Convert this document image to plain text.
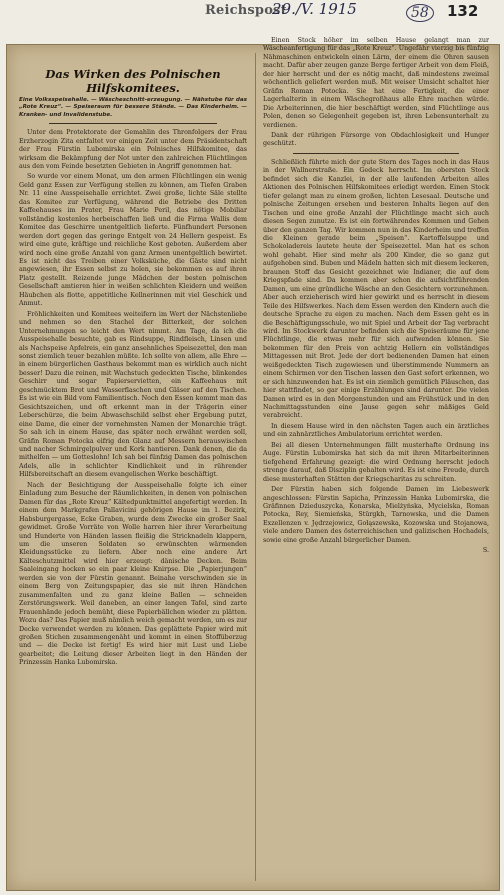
Reichspost
29./V. 1915	58	132

Das Wirken des Polnischen Hilfskomitees.

Eine Volksspeisehalle. — Wäscheschnitt-erzeugung. — Nähstube für das „Rote Kreuz“. — Speiseraum für bessere Stände. — Das Kinderheim. — Kranken- und Invalidenstube.

Unter dem Protektorate der Gemahlin des Thronfolgers der Frau Erzherzogin Zita entfaltet vor einigen Zeit unter dem Präsidentschaft der Frau Fürstin Lubomirska ein Polnisches Hilfskomitee, das wirksam die Bekämpfung der Not unter den zahlreichen Flüchtlingen aus den vom Feinde besetzten Gebieten in Angriff genommen hat.

So wurde vor einem Monat, um den armen Flüchtlingen ein wenig Geld ganz Essen zur Verfügung stellen zu können, am Tiefen Graben Nr. 11 eine Ausspeisehalle errichtet. Zwei große, lichte Säle stellte das Komitee zur Verfügung, während die Betriebe des Dritten Kaffeehauses im Prater, Frau Marie Peril, das nötige Mobiliar vollständig kostenlos herbeischaffen ließ und die Firma Wallis dem Komitee das Geschirre unentgeltlich lieferte. Fünfhundert Personen werden dort gegen das geringe Entgelt von 24 Hellern gespeist. Es wird eine gute, kräftige und reichliche Kost geboten. Außerdem aber wird noch eine große Anzahl von ganz Armen unentgeltlich bewirtet. Es ist nicht das Treiben einer Volksküche, die Gäste sind nicht angewiesen, ihr Essen selbst zu holen, sie bekommen es auf ihren Platz gestellt. Reizende junge Mädchen der besten polnischen Gesellschaft amtieren hier in weißen schlichten Kleidern und weißen Häubchen als flotte, appetitliche Kellnerinnen mit viel Geschick und Anmut.

Fröhlichkeiten und Komitees weiteifern im Wert der Nächstenliebe und nehmen so den Stachel der Bitterkeit, der solchen Unternehmungen so leicht den Wert nimmt. Am Tage, da ich die Ausspeisehalle besuchte, gab es Rindsuppe, Rindfleisch, Linsen und als Nachspeise Apfelreis, ein ganz ansehnliches Speisezettel, den man sonst ziemlich teuer bezahlen müßte. Ich sollte von allem, alle Ehre — in einem bürgerlichen Gasthaus bekommt man es wirklich auch nicht besser! Dazu die reinen, mit Wachstuch gedeckten Tische, blinkendes Geschirr und sogar Papierservietten, ein Kaffeehaus mit geschmücktem Brot und Wasserflaschen und Gläser auf den Tischen. Es ist wie ein Bild vom Familientisch. Noch den Essen kommt man das Gesichtszeichen, und oft erkennt man in der Trägerin einer Leberschürze, die beim Abwaschschild selbst eher Ergebung putzt, eine Dame, die einer der vornehmsten Namen der Monarchie trägt. So sah ich in einem Hause, das später noch erwähnt werden soll, Gräfin Roman Potocka eifrig den Glanz auf Messern herauswischen und nacher Schmirgelpulver und Kork hantieren. Dank denen, die da mithelfen — um Gotteslohn! Ich sah bei fünfzig Damen das polnischen Adels, alle in schlichter Kindlichkeit und in rührender Hilfsbereitschaft an diesem evangelischen Werke beschäftigt.

Nach der Besichtigung der Ausspeisehalle folgte ich einer Einladung zum Besuche der Räumlichkeiten, in denen von polnischen Damen für das „Rote Kreuz“ Kältedpunktmittel angefertigt werden. In einem dem Markgrafen Pallavicini gehörigen Hause im 1. Bezirk, Habsburgergasse, Ecke Graben, wurde dem Zwecke ein großer Saal gewidmet. Große Vorräte von Wolle harren hier ihrer Verarbeitung und Hunderte von Händen lassen fleißig die Stricknadeln klappern, um die unseren Soldaten so erwünschten wärmenden Kleidungsstücke zu liefern. Aber noch eine andere Art Kälteschutzmittel wird hier erzeugt: dänische Decken. Beim Saaleingang hocken so ein paar kleine Knirpse. Die „Papierjungen“ werden sie von der Fürstin genannt. Beinahe verschwinden sie in einem Berg von Zeitungspapier, das sie mit ihren Händchen zusammenfalten und zu ganz kleine Ballen — schneiden Zerstörungswerk. Weil daneben, an einer langen Tafel, sind zarte Frauenhände jedoch bemüht, diese Papierbällchen wieder zu plätten. Wozu das? Das Papier muß nämlich weich gemacht werden, um es zur Decke verwendet werden zu können. Das geplättete Papier wird mit großen Stichen zusammengenäht und kommt in einen Stoffüberzug und — die Decke ist fertig! Es wird hier mit Lust und Liebe gearbeitet; die Leitung dieser Arbeiten liegt in den Händen der Prinzessin Hanka Lubomirska.

Einen Stock höher im selben Hause gelangt man zur Wäscheanfertigung für das „Rote Kreuz“. Ungefähr vierzig bis fünfzig Nähmaschinen entwickeln einen Lärm, der einem die Ohren sausen macht. Dafür aber zeugen ganze Berge fertiger Arbeit von dem Fleiß, der hier herrscht und der es nötig macht, daß mindestens zweimal wöchentlich geliefert werden muß. Mit weiser Umsicht schaltet hier Gräfin Roman Potocka. Sie hat eine Fertigkeit, die einer Lagerhalterin in einem Wäschegroßhaus alle Ehre machen würde. Die Arbeiterinnen, die hier beschäftigt werden, sind Flüchtlinge aus Polen, denen so Gelegenheit gegeben ist, ihren Lebensunterhalt zu verdienen.

Dank der rührigen Fürsorge von Obdachlosigkeit und Hunger geschützt.

Schließlich führte mich der gute Stern des Tages noch in das Haus in der Wallnerstraße. Ein Gedeck herrscht. Im obersten Stock befindet sich die Kanzlei, in der alle laufenden Arbeiten alles Aktionen des Polnischen Hilfskomitees erledigt werden. Einen Stock tiefer gelangt man zu einem großen, lichten Lesesaal. Deutsche und polnische Zeitungen ersehen und besteren Inhalts liegen auf den Tischen und eine große Anzahl der Flüchtlinge macht sich auch diesen Segen zunutze. Es ist ein fortwährendes Kommen und Gehen über den ganzen Tag. Wir kommen nun in das Kinderheim und treffen die Kleinen gerade beim „Speisen“. Kartoffelsuppe und Schokoladereis lautete heute der Speisezettel. Man hat es schon wohl gehabt. Hier sind mehr als 200 Kinder, die so ganz gut aufgehoben sind. Buben und Mädeln hatten sich mit diesem leckeren, braunen Stoff das Gesicht gezeichnet wie Indianer, die auf dem Kriegspfade sind. Da kommen aber schon die aufsichtführenden Damen, um eine gründliche Wäsche an den Gesichtern vorzunehmen. Aber auch erzieherisch wird hier gewirkt und es herrscht in diesem Teile des Hilfswerkes. Nach dem Essen werden den Kindern auch die deutsche Sprache zu eigen zu machen. Nach dem Essen geht es in die Beschäftigungsschule, wo mit Spiel und Arbeit der Tag verbracht wird. Im Stockwerk darunter befinden sich die Speiseräume für jene Flüchtlinge, die etwas mehr für sich aufwenden können. Sie bekommen für den Preis von achtzig Hellern ein vollständiges Mittagessen mit Brot. Jede der dort bedienenden Damen hat einen weißgedeckten Tisch zugewiesen und überstimmende Nummern an einem Schirmen vor den Tischen lassen den Gast sofort erkennen, wo er sich hinzuwenden hat. Es ist ein ziemlich gemütlich Pläuschen, das hier stattfindet, so gar einige Erzählungen sind darunter. Die vielen Damen wird es in den Morgenstunden und am Frühstück und in den Nachmittagsstunden eine Jause gegen sehr mäßiges Geld verabreicht.

In diesem Hause wird in den nächsten Tagen auch ein ärztliches und ein zahnärztliches Ambulatorium errichtet werden.

Bei all diesen Unternehmungen fällt musterhafte Ordnung ins Auge. Fürstin Lubomirska hat sich da mit ihren Mitarbeiterinnen tiefgehend Erfahrung gezeigt: die wird Ordnung herrscht jedoch strenge darauf, daß Disziplin gehalten wird. Es ist eine Freude, durch diese musterhaften Stätten der Kriegscharitas zu schreiten.

Der Fürstin haben sich folgende Damen im Liebeswerk angeschlossen: Fürstin Sapicha, Prinzessin Hanka Lubomirska, die Gräfinnen Dzieduszycka, Konarska, Mielżyńska, Mycielska, Roman Potocka, Rey, Siemieńska, Stürgkh, Tarnowska, und die Damen Exzellenzen v. Jędrzejowicz, Gołąszewska, Kozowska und Stojanowa, viele andere Damen des österreichischen und galizischen Hochadels, sowie eine große Anzahl bürgerlicher Damen.

S.
